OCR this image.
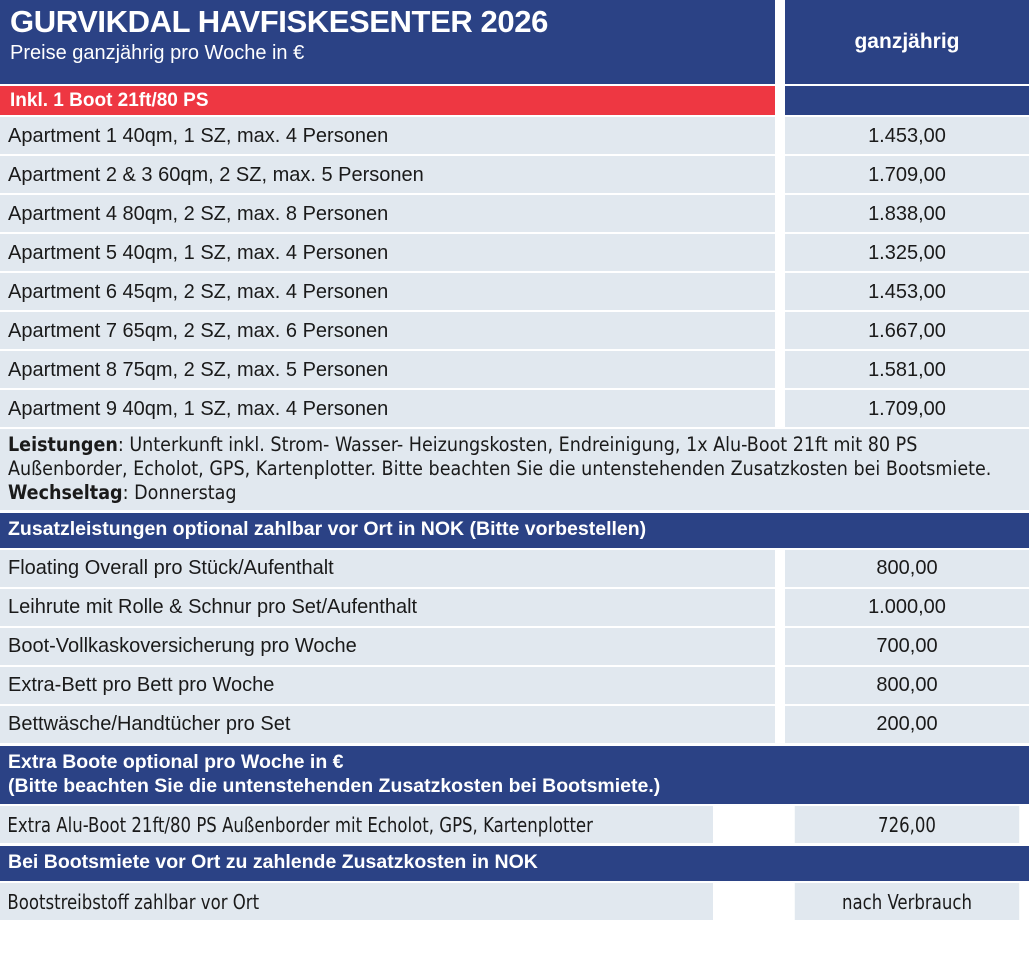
GURVIKDAL HAVFISKESENTER 2026
Preise ganzjährig pro Woche in €	ganzjährig
Inkl. 1 Boot 21ft/80 PS
Apartment 1 40qm, 1 SZ, max. 4 Personen	1.453,00
Apartment 2 & 3 60qm, 2 SZ, max. 5 Personen	1.709,00
Apartment 4 80qm, 2 SZ, max. 8 Personen	1.838,00
Apartment 5 40qm, 1 SZ, max. 4 Personen	1.325,00
Apartment 6 45qm, 2 SZ, max. 4 Personen	1.453,00
Apartment 7 65qm, 2 SZ, max. 6 Personen	1.667,00
Apartment 8 75qm, 2 SZ, max. 5 Personen	1.581,00
Apartment 9 40qm, 1 SZ, max. 4 Personen	1.709,00
Leistungen: Unterkunft inkl. Strom- Wasser- Heizungskosten, Endreinigung, 1x Alu-Boot 21ft mit 80 PS Außenborder, Echolot, GPS, Kartenplotter. Bitte beachten Sie die untenstehenden Zusatzkosten bei Bootsmiete. Wechseltag: Donnerstag
Zusatzleistungen optional zahlbar vor Ort in NOK (Bitte vorbestellen)
Floating Overall pro Stück/Aufenthalt	800,00
Leihrute mit Rolle & Schnur pro Set/Aufenthalt	1.000,00
Boot-Vollkaskoversicherung pro Woche	700,00
Extra-Bett pro Bett pro Woche	800,00
Bettwäsche/Handtücher pro Set	200,00
Extra Boote optional pro Woche in €
(Bitte beachten Sie die untenstehenden Zusatzkosten bei Bootsmiete.)
Extra Alu-Boot 21ft/80 PS Außenborder mit Echolot, GPS, Kartenplotter	726,00
Bei Bootsmiete vor Ort zu zahlende Zusatzkosten in NOK
Bootstreibstoff zahlbar vor Ort	nach Verbrauch
